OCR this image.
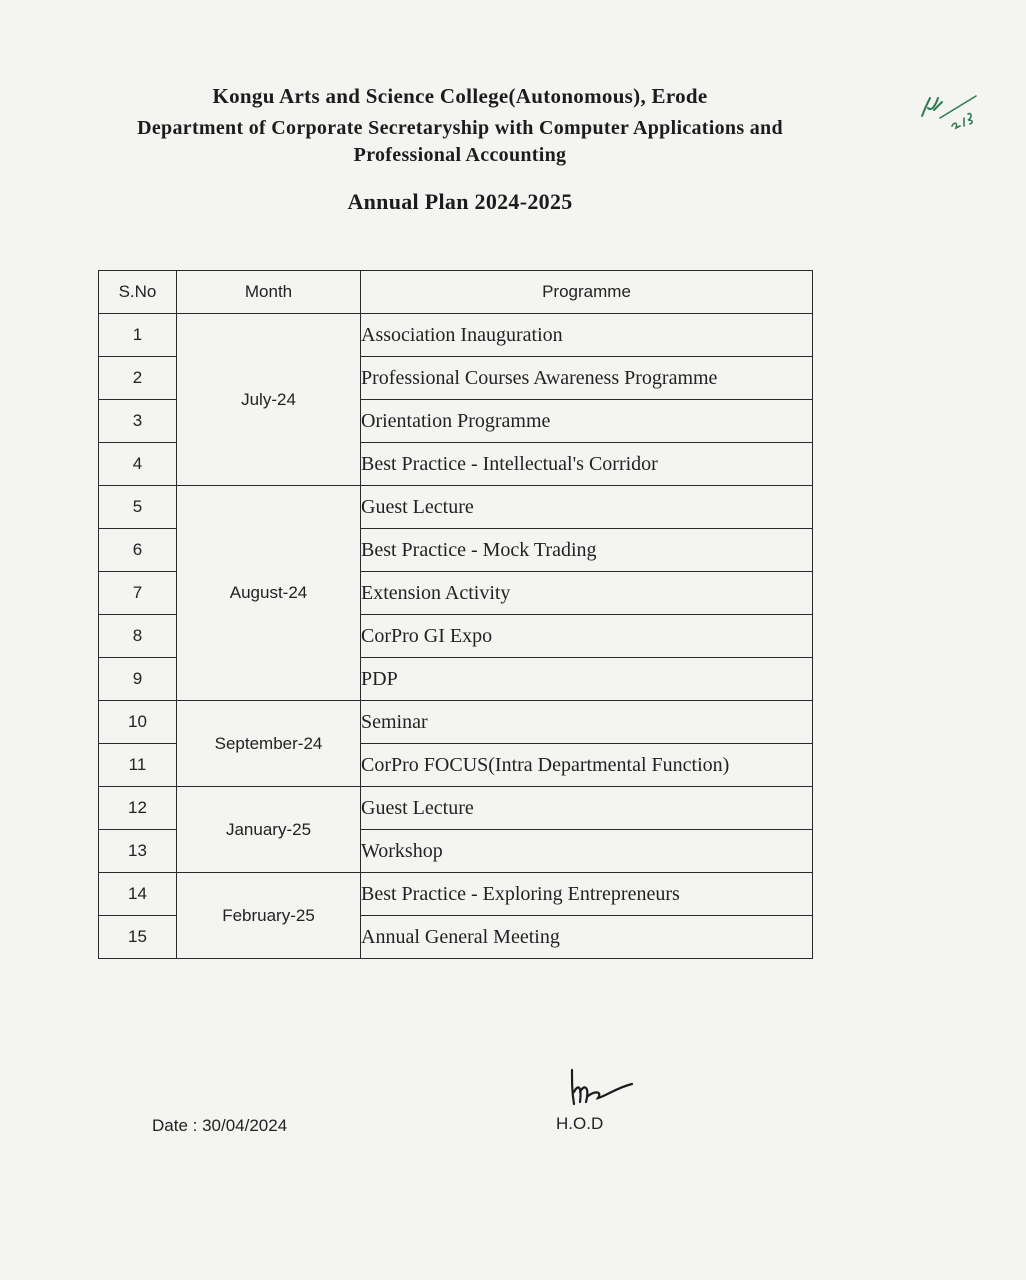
Kongu Arts and Science College(Autonomous), Erode
Department of Corporate Secretaryship with Computer Applications and
Professional Accounting
Annual Plan 2024-2025
S.No	Month	Programme
1	July-24	Association Inauguration
2		Professional Courses Awareness Programme
3		Orientation Programme
4		Best Practice - Intellectual's Corridor
5	August-24	Guest Lecture
6		Best Practice - Mock Trading
7		Extension Activity
8		CorPro GI Expo
9		PDP
10	September-24	Seminar
11		CorPro FOCUS(Intra Departmental Function)
12	January-25	Guest Lecture
13		Workshop
14	February-25	Best Practice - Exploring Entrepreneurs
15		Annual General Meeting
Date : 30/04/2024	H.O.D
